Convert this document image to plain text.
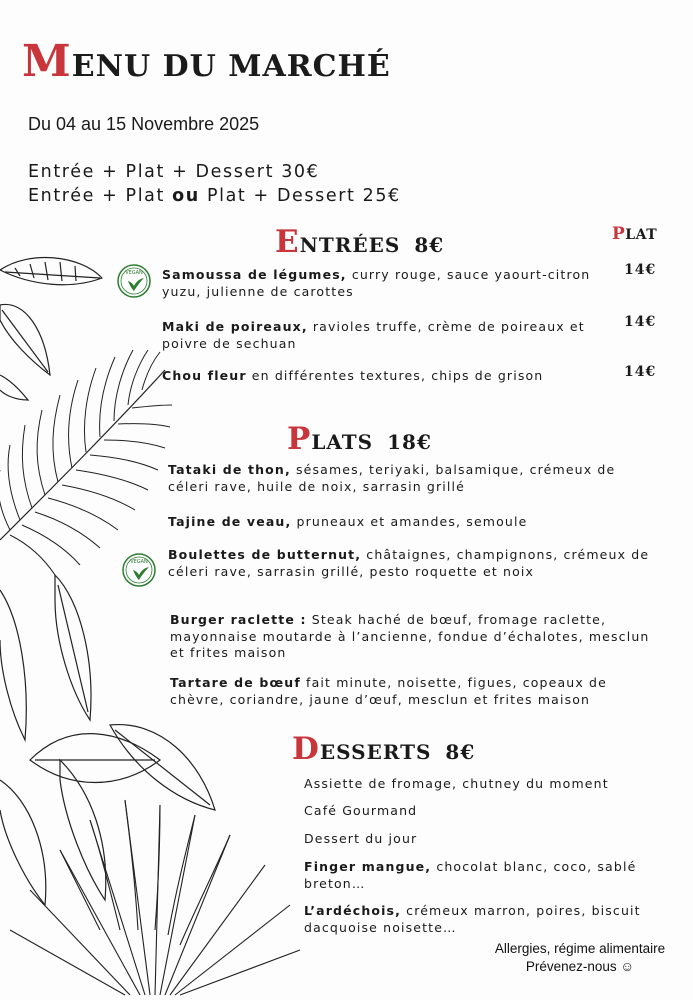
MENU DU MARCHÉ
Du 04 au 15 Novembre 2025
Entrée + Plat + Dessert 30€
Entrée + Plat ou Plat + Dessert 25€
ENTRÉES 8€	PLAT
VEGAN Samoussa de légumes, curry rouge, sauce yaourt-citron yuzu, julienne de carottes
14€
Maki de poireaux, ravioles truffe, crème de poireaux et poivre de sechuan
14€
Chou fleur en différentes textures, chips de grison	14€
PLATS 18€
Tataki de thon, sésames, teriyaki, balsamique, crémeux de céleri rave, huile de noix, sarrasin grillé
Tajine de veau, pruneaux et amandes, semoule
VEGAN Boulettes de butternut, châtaignes, champignons, crémeux de céleri rave, sarrasin grillé, pesto roquette et noix
Burger raclette : Steak haché de bœuf, fromage raclette, mayonnaise moutarde à l’ancienne, fondue d’échalotes, mesclun et frites maison
Tartare de bœuf fait minute, noisette, figues, copeaux de chèvre, coriandre, jaune d’œuf, mesclun et frites maison
DESSERTS 8€
Assiette de fromage, chutney du moment
Café Gourmand
Dessert du jour
Finger mangue, chocolat blanc, coco, sablé breton…
L’ardéchois, crémeux marron, poires, biscuit dacquoise noisette…
Allergies, régime alimentaire
Prévenez-nous ☺
